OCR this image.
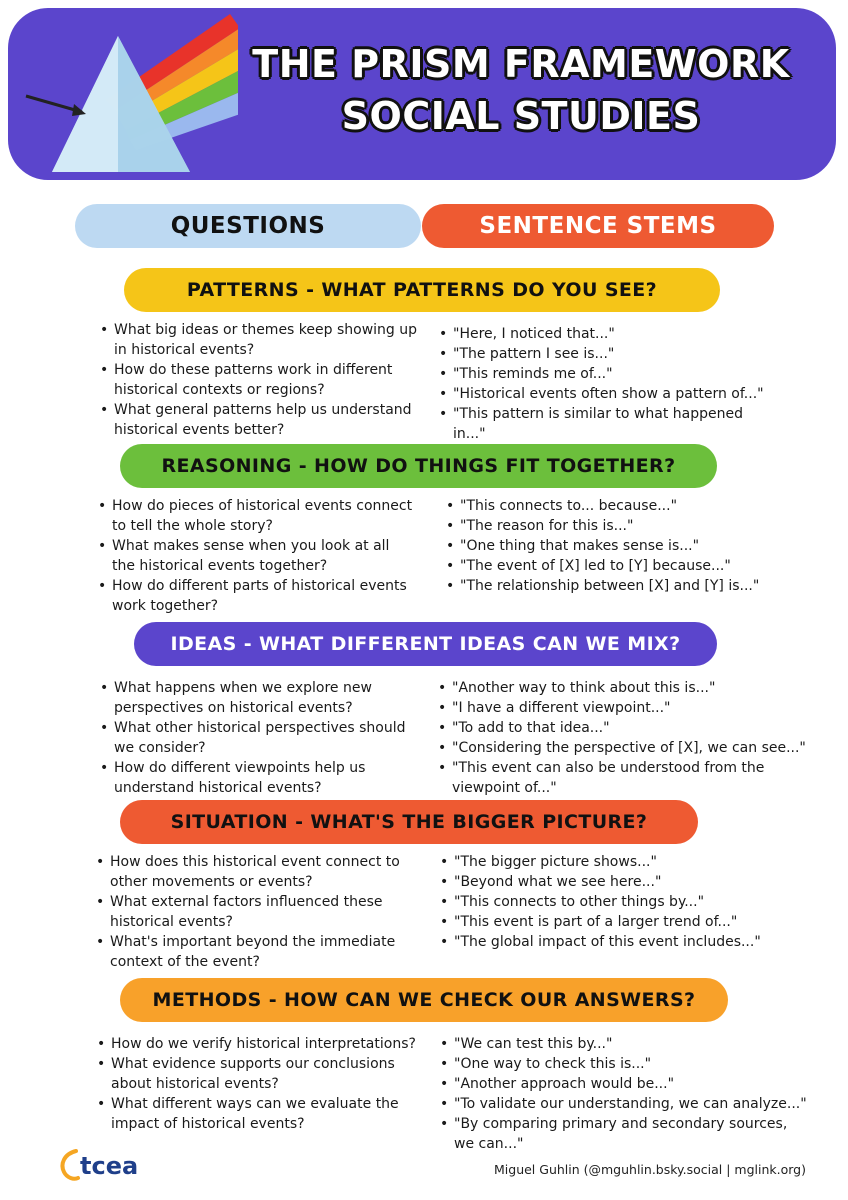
THE PRISM FRAMEWORK
SOCIAL STUDIES
QUESTIONS	SENTENCE STEMS
PATTERNS - WHAT PATTERNS DO YOU SEE?
• What big ideas or themes keep showing up in historical events?
• How do these patterns work in different historical contexts or regions?
• What general patterns help us understand historical events better?
• "Here, I noticed that..."
• "The pattern I see is..."
• "This reminds me of..."
• "Historical events often show a pattern of..."
• "This pattern is similar to what happened in..."
REASONING - HOW DO THINGS FIT TOGETHER?
• How do pieces of historical events connect to tell the whole story?
• What makes sense when you look at all the historical events together?
• How do different parts of historical events work together?
• "This connects to... because..."
• "The reason for this is..."
• "One thing that makes sense is..."
• "The event of [X] led to [Y] because..."
• "The relationship between [X] and [Y] is..."
IDEAS - WHAT DIFFERENT IDEAS CAN WE MIX?
• What happens when we explore new perspectives on historical events?
• What other historical perspectives should we consider?
• How do different viewpoints help us understand historical events?
• "Another way to think about this is..."
• "I have a different viewpoint..."
• "To add to that idea..."
• "Considering the perspective of [X], we can see..."
• "This event can also be understood from the viewpoint of..."
SITUATION - WHAT'S THE BIGGER PICTURE?
• How does this historical event connect to other movements or events?
• What external factors influenced these historical events?
• What's important beyond the immediate context of the event?
• "The bigger picture shows..."
• "Beyond what we see here..."
• "This connects to other things by..."
• "This event is part of a larger trend of..."
• "The global impact of this event includes..."
METHODS - HOW CAN WE CHECK OUR ANSWERS?
• How do we verify historical interpretations?
• What evidence supports our conclusions about historical events?
• What different ways can we evaluate the impact of historical events?
• "We can test this by..."
• "One way to check this is..."
• "Another approach would be..."
• "To validate our understanding, we can analyze..."
• "By comparing primary and secondary sources, we can..."
tcea	Miguel Guhlin (@mguhlin.bsky.social | mglink.org)
